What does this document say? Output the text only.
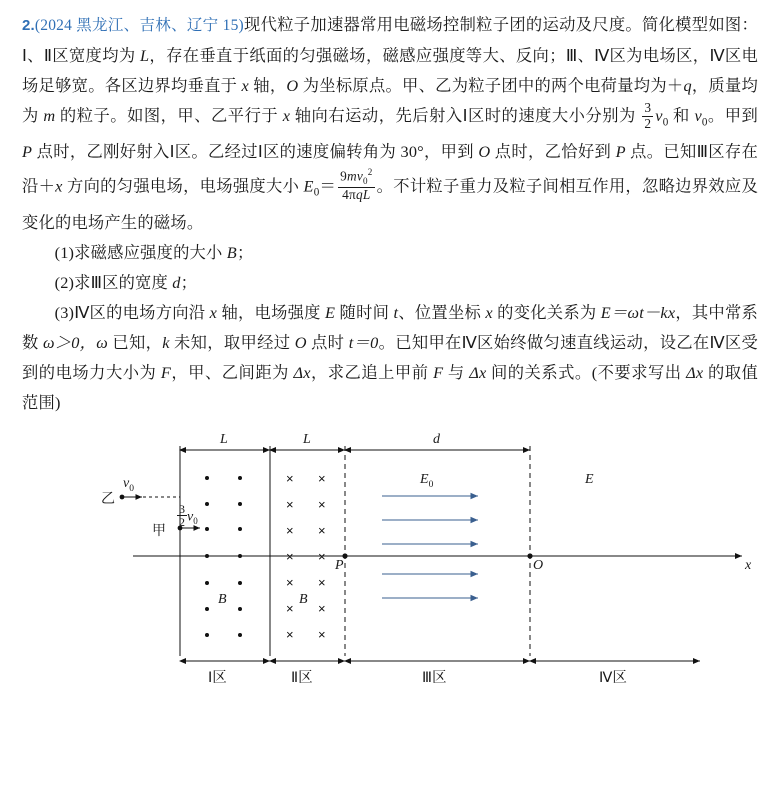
2.(2024 黑龙江、吉林、辽宁 15)现代粒子加速器常用电磁场控制粒子团的运动及尺度。简化模型如图：Ⅰ、Ⅱ区宽度均为 L，存在垂直于纸面的匀强磁场，磁感应强度等大、反向；Ⅲ、Ⅳ区为电场区，Ⅳ区电场足够宽。各区边界均垂直于 x 轴，O 为坐标原点。甲、乙为粒子团中的两个电荷量均为＋q，质量均为 m 的粒子。如图，甲、乙平行于 x 轴向右运动，先后射入Ⅰ区时的速度大小分别为 $\frac{3}{2} v_0$ 和 $v_0$。甲到 P 点时，乙刚好射入Ⅰ区。乙经过Ⅰ区的速度偏转角为 30°，甲到 O 点时，乙恰好到 P 点。已知Ⅲ区存在沿＋x 方向的匀强电场，电场强度大小 $E_0= \frac{9mv_0^2}{\text{4πqL}}$ 。不计粒子重力及粒子间相互作用，忽略边界效应及变化的电场产生的磁场。

(1)求磁感应强度的大小 B；

(2)求Ⅲ区的宽度 d；

(3)Ⅳ区的电场方向沿 x 轴，电场强度 E 随时间 t、位置坐标 x 的变化关系为 E＝ωt－kx，其中常系数 ω＞0，ω 已知，k 未知，取甲经过 O 点时 t＝0。已知甲在Ⅳ区始终做匀速直线运动，设乙在Ⅳ区受到的电场力大小为 F，甲、乙间距为 Δx，求乙追上甲前 F 与 Δx 间的关系式。(不要求写出 Δx 的取值范围)

× ×
× ×
× ×
× ×
× ×
× ×
× ×
L	L	d
$E_0$	E
乙
$v_0$
甲
$\frac{3}{2} v_0$
B	B
P	O	x
Ⅰ区	Ⅱ区	Ⅲ区	Ⅳ区
